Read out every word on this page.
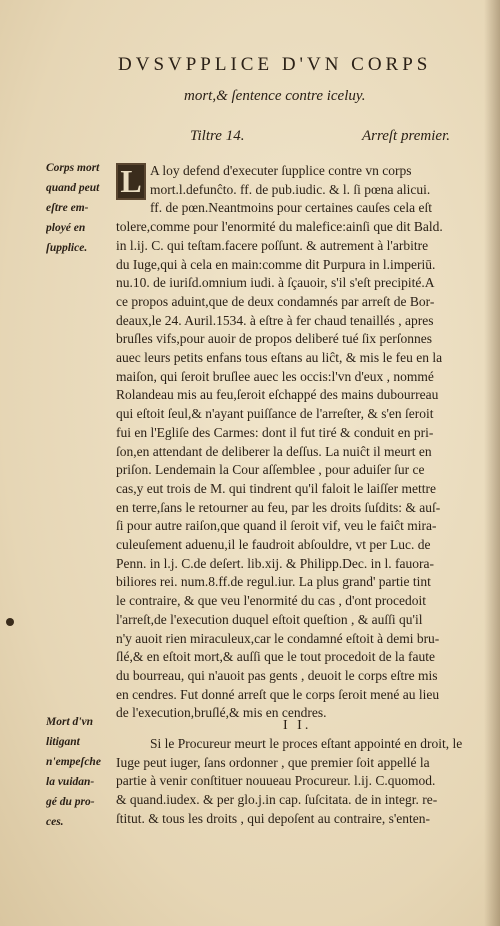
DVSVPPLICE D'VN CORPS
mort,& ſentence contre iceluy.
Tiltre 14.	Arreſt premier.
Corps mort
quand peut
eſtre em-
ployé en
ſupplice.
L A loy defend d'executer ſupplice contre vn corps
mort.l.defunĉto. ff. de pub.iudic. & l. ſi pœna alicui.
ff. de pœn.Neantmoins pour certaines cauſes cela eſt
tolere,comme pour l'enormité du malefice:ainſi que dit Bald.
in l.ij. C. qui teſtam.facere poſſunt. & autrement à l'arbitre
du Iuge,qui à cela en main:comme dit Purpura in l.imperiū.
nu.10. de iuriſd.omnium iudi. à ſçauoir, s'il s'eſt precipité.A
ce propos aduint,que de deux condamnés par arreſt de Bor-
deaux,le 24. Auril.1534. à eſtre à fer chaud tenaillés , apres
bruſles vifs,pour auoir de propos deliberé tué ſix perſonnes
auec leurs petits enfans tous eſtans au liĉt, & mis le feu en la
maiſon, qui ſeroit bruſlee auec les occis:l'vn d'eux , nommé
Rolandeau mis au feu,ſeroit eſchappé des mains dubourreau
qui eſtoit ſeul,& n'ayant puiſſance de l'arreſter, & s'en ſeroit
fui en l'Egliſe des Carmes: dont il fut tiré & conduit en pri-
ſon,en attendant de deliberer la deſſus. La nuiĉt il meurt en
priſon. Lendemain la Cour aſſemblee , pour aduiſer ſur ce
cas,y eut trois de M. qui tindrent qu'il faloit le laiſſer mettre
en terre,ſans le retourner au feu, par les droits ſuſdits: & auſ-
ſi pour autre raiſon,que quand il ſeroit vif, veu le faiĉt mira-
culeuſement aduenu,il le faudroit abſouldre, vt per Luc. de
Penn. in l.j. C.de deſert. lib.xij. & Philipp.Dec. in l. fauora-
biliores rei. num.8.ff.de regul.iur. La plus grand' partie tint
le contraire, & que veu l'enormité du cas , d'ont procedoit
l'arreſt,de l'execution duquel eſtoit queſtion , & auſſi qu'il
n'y auoit rien miraculeux,car le condamné eſtoit à demi bru-
ſlé,& en eſtoit mort,& auſſi que le tout procedoit de la faute
du bourreau, qui n'auoit pas gents , deuoit le corps eſtre mis
en cendres. Fut donné arreſt que le corps ſeroit mené au lieu
de l'execution,bruſlé,& mis en cendres.
I I.
Mort d'vn
litigant
n'empeſche
la vuidan-
gé du pro-
ces.
Si le Procureur meurt le proces eſtant appointé en droit, le
Iuge peut iuger, ſans ordonner , que premier ſoit appellé la
partie à venir conſtituer nouueau Procureur. l.ij. C.quomod.
& quand.iudex. & per glo.j.in cap. ſuſcitata. de in integr. re-
ſtitut. & tous les droits , qui depoſent au contraire, s'enten-
